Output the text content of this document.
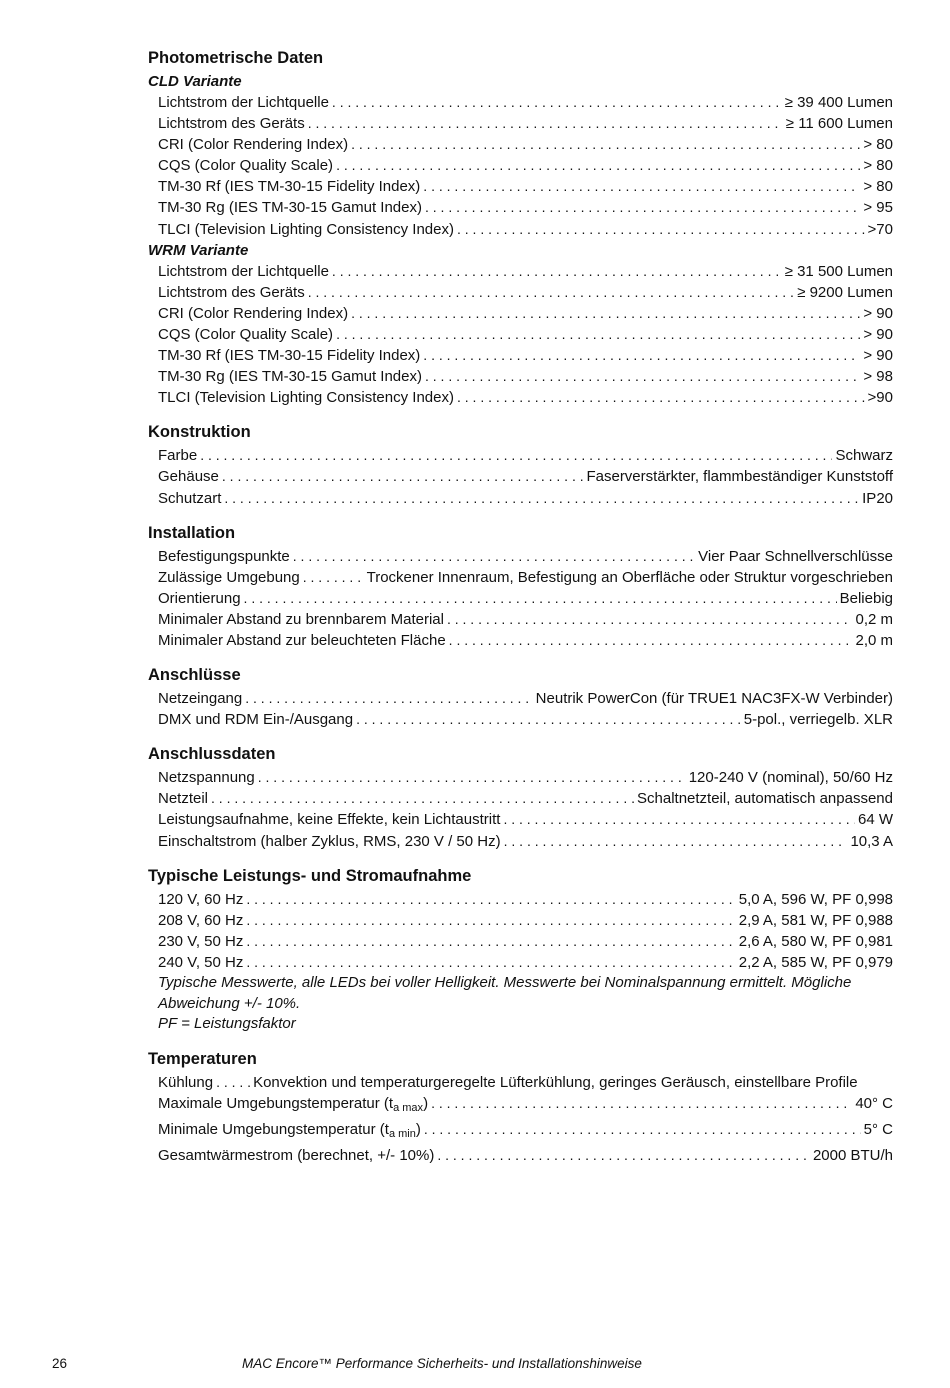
Photometrische Daten
CLD Variante
Lichtstrom der Lichtquelle . . .	≥ 39 400 Lumen
Lichtstrom des Geräts . . .	≥ 11 600 Lumen
CRI (Color Rendering Index) . . .	> 80
CQS (Color Quality Scale) . . .	> 80
TM-30 Rf (IES TM-30-15 Fidelity Index) . . .	> 80
TM-30 Rg (IES TM-30-15 Gamut Index) . . .	> 95
TLCI (Television Lighting Consistency Index) . . .	>70
WRM Variante
Lichtstrom der Lichtquelle . . .	≥ 31 500 Lumen
Lichtstrom des Geräts . . .	≥ 9200 Lumen
CRI (Color Rendering Index) . . .	> 90
CQS (Color Quality Scale) . . .	> 90
TM-30 Rf (IES TM-30-15 Fidelity Index) . . .	> 90
TM-30 Rg (IES TM-30-15 Gamut Index) . . .	> 98
TLCI (Television Lighting Consistency Index) . . .	>90
Konstruktion
Farbe . . .	Schwarz
Gehäuse . . .	Faserverstärkter, flammbeständiger Kunststoff
Schutzart . . .	IP20
Installation
Befestigungspunkte . . .	Vier Paar Schnellverschlüsse
Zulässige Umgebung . . .	Trockener Innenraum, Befestigung an Oberfläche oder Struktur vorgeschrieben
Orientierung . . .	Beliebig
Minimaler Abstand zu brennbarem Material . . .	0,2 m
Minimaler Abstand zur beleuchteten Fläche . . .	2,0 m
Anschlüsse
Netzeingang . . .	Neutrik PowerCon (für TRUE1 NAC3FX-W Verbinder)
DMX und RDM Ein-/Ausgang . . .	5-pol., verriegelb. XLR
Anschlussdaten
Netzspannung . . .	120-240 V (nominal), 50/60 Hz
Netzteil . . .	Schaltnetzteil, automatisch anpassend
Leistungsaufnahme, keine Effekte, kein Lichtaustritt . . .	64 W
Einschaltstrom (halber Zyklus, RMS, 230 V / 50 Hz) . . .	10,3 A
Typische Leistungs- und Stromaufnahme
120 V, 60 Hz . . .	5,0 A, 596 W, PF 0,998
208 V, 60 Hz . . .	2,9 A, 581 W, PF 0,988
230 V, 50 Hz . . .	2,6 A, 580 W, PF 0,981
240 V, 50 Hz . . .	2,2 A, 585 W, PF 0,979
Typische Messwerte, alle LEDs bei voller Helligkeit. Messwerte bei Nominalspannung ermittelt. Mögliche Abweichung +/- 10%.
PF = Leistungsfaktor
Temperaturen
Kühlung . . .	Konvektion und temperaturgeregelte Lüfterkühlung, geringes Geräusch, einstellbare Profile
Maximale Umgebungstemperatur $(t_{a max})$ . . .	40° C
Minimale Umgebungstemperatur $(t_{a min})$ . . .	5° C
Gesamtwärmestrom (berechnet, +/- 10%) . . .	2000 BTU/h
26	MAC Encore™ Performance Sicherheits- und Installationshinweise
